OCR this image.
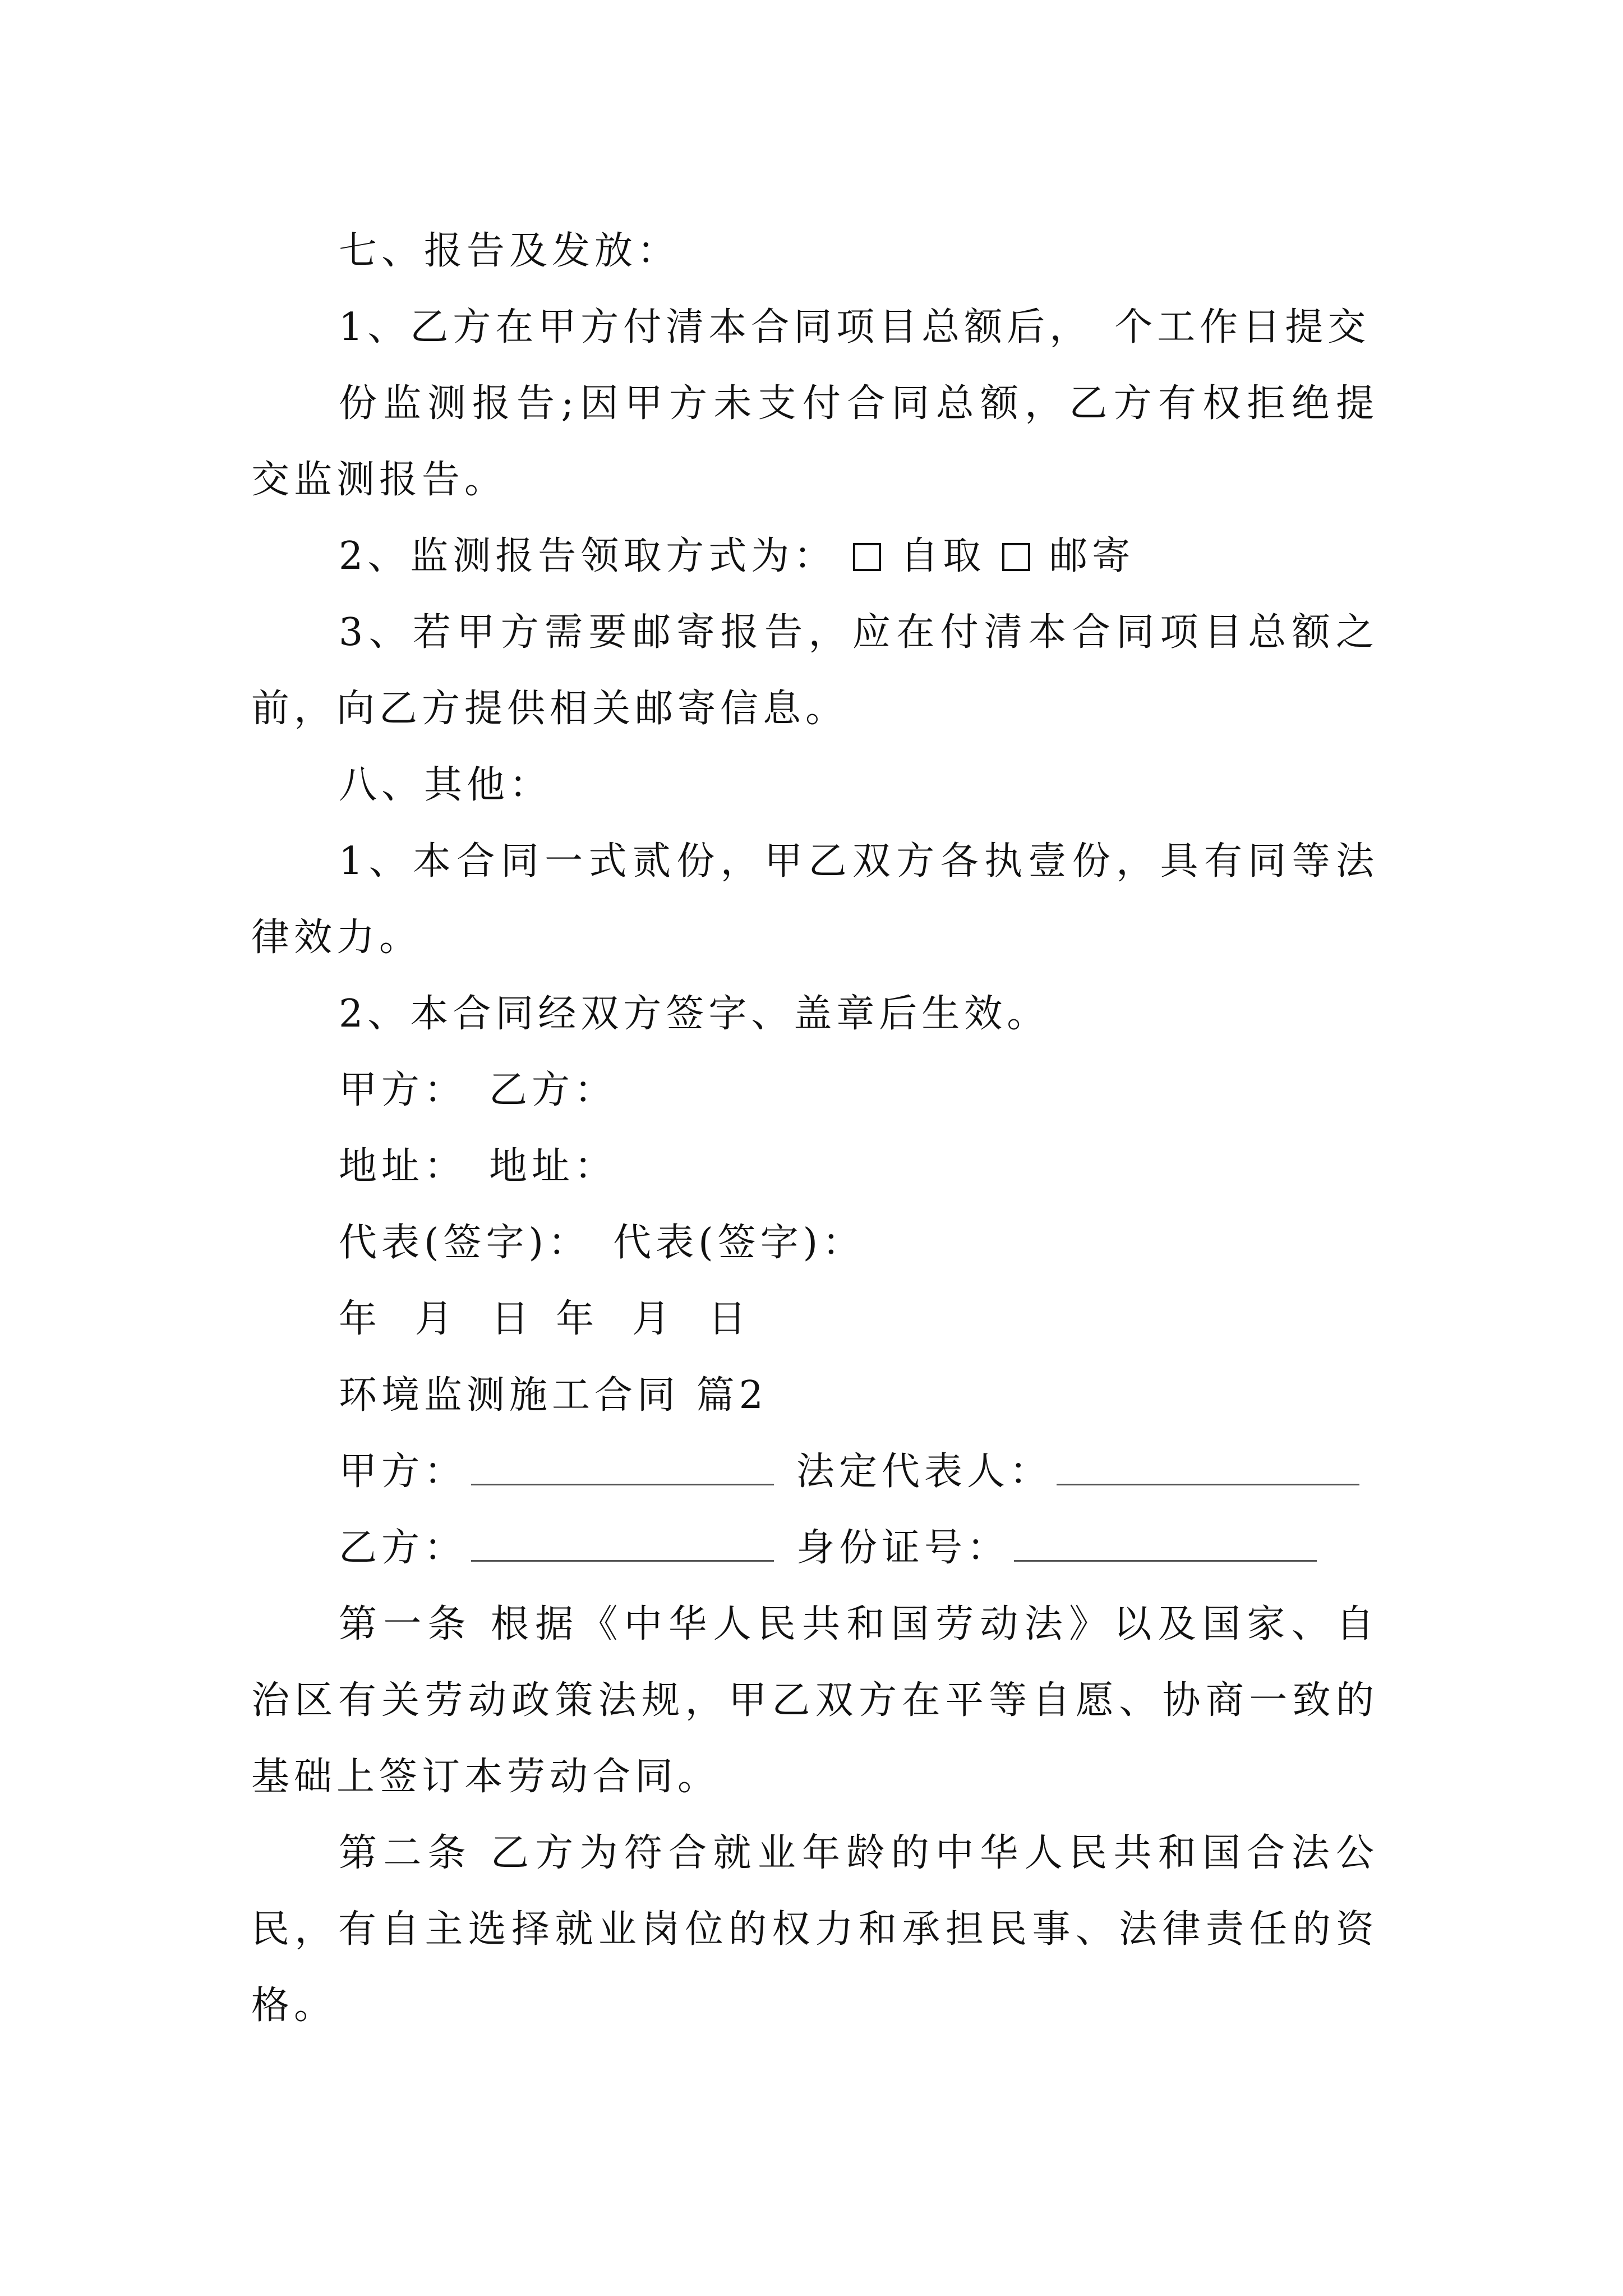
七、报告及发放：
1、乙方在甲方付清本合同项目总额后， 个工作日提交
份监测报告;因甲方未支付合同总额，乙方有权拒绝提
交监测报告。
2、监测报告领取方式为： 自取 邮寄
3、若甲方需要邮寄报告，应在付清本合同项目总额之
前，向乙方提供相关邮寄信息。
八、其他：
1、本合同一式贰份，甲乙双方各执壹份，具有同等法
律效力。
2、本合同经双方签字、盖章后生效。
甲方： 乙方：
地址： 地址：
代表(签字)： 代表(签字)：
年 月 日 年 月 日
环境监测施工合同 篇2
甲方：	法定代表人：
乙方：	身份证号：
第一条 根据《中华人民共和国劳动法》以及国家、自
治区有关劳动政策法规，甲乙双方在平等自愿、协商一致的
基础上签订本劳动合同。
第二条 乙方为符合就业年龄的中华人民共和国合法公
民，有自主选择就业岗位的权力和承担民事、法律责任的资
格。
